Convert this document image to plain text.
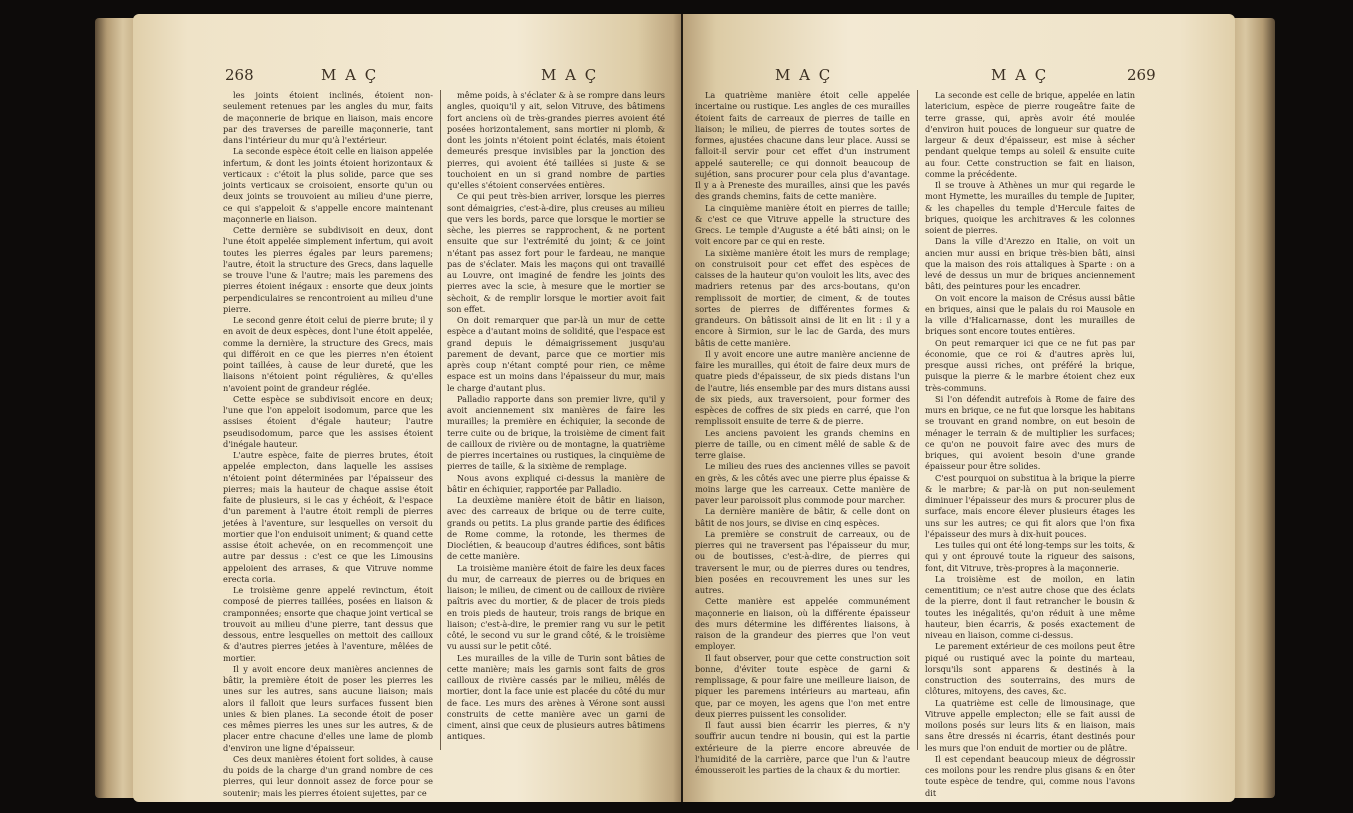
268	M A Ç	M A Ç

les joints étoient inclinés, étoient non-seulement retenues par les angles du mur, faits de maçonnerie de brique en liaison, mais encore par des traverses de pareille maçonnerie, tant dans l'intérieur du mur qu'à l'extérieur.

La seconde espèce étoit celle en liaison appelée infertum, & dont les joints étoient horizontaux & verticaux : c'étoit la plus solide, parce que ses joints verticaux se croisoient, ensorte qu'un ou deux joints se trouvoient au milieu d'une pierre, ce qui s'appeloit & s'appelle encore maintenant maçonnerie en liaison.

Cette dernière se subdivisoit en deux, dont l'une étoit appelée simplement infertum, qui avoit toutes les pierres égales par leurs paremens; l'autre, étoit la structure des Grecs, dans laquelle se trouve l'une & l'autre; mais les paremens des pierres étoient inégaux : ensorte que deux joints perpendiculaires se rencontroient au milieu d'une pierre.

Le second genre étoit celui de pierre brute; il y en avoit de deux espèces, dont l'une étoit appelée, comme la dernière, la structure des Grecs, mais qui différoit en ce que les pierres n'en étoient point taillées, à cause de leur dureté, que les liaisons n'étoient point régulières, & qu'elles n'avoient point de grandeur réglée.

Cette espèce se subdivisoit encore en deux; l'une que l'on appeloit isodomum, parce que les assises étoient d'égale hauteur; l'autre pseudisodomum, parce que les assises étoient d'inégale hauteur.

L'autre espèce, faite de pierres brutes, étoit appelée emplecton, dans laquelle les assises n'étoient point déterminées par l'épaisseur des pierres; mais la hauteur de chaque assise étoit faite de plusieurs, si le cas y échéoit, & l'espace d'un parement à l'autre étoit rempli de pierres jetées à l'aventure, sur lesquelles on versoit du mortier que l'on enduisoit uniment; & quand cette assise étoit achevée, on en recommençoit une autre par dessus : c'est ce que les Limousins appeloient des arrases, & que Vitruve nomme erecta coria.

Le troisième genre appelé revinctum, étoit composé de pierres taillées, posées en liaison & cramponnées; ensorte que chaque joint vertical se trouvoit au milieu d'une pierre, tant dessus que dessous, entre lesquelles on mettoit des cailloux & d'autres pierres jetées à l'aventure, mêlées de mortier.

Il y avoit encore deux manières anciennes de bâtir, la première étoit de poser les pierres les unes sur les autres, sans aucune liaison; mais alors il falloit que leurs surfaces fussent bien unies & bien planes. La seconde étoit de poser ces mêmes pierres les unes sur les autres, & de placer entre chacune d'elles une lame de plomb d'environ une ligne d'épaisseur.

Ces deux manières étoient fort solides, à cause du poids de la charge d'un grand nombre de ces pierres, qui leur donnoit assez de force pour se soutenir; mais les pierres étoient sujettes, par ce

même poids, à s'éclater & à se rompre dans leurs angles, quoiqu'il y ait, selon Vitruve, des bâtimens fort anciens où de très-grandes pierres avoient été posées horizontalement, sans mortier ni plomb, & dont les joints n'étoient point éclatés, mais étoient demeurés presque invisibles par la jonction des pierres, qui avoient été taillées si juste & se touchoient en un si grand nombre de parties qu'elles s'étoient conservées entières.

Ce qui peut très-bien arriver, lorsque les pierres sont démaigries, c'est-à-dire, plus creuses au milieu que vers les bords, parce que lorsque le mortier se sèche, les pierres se rapprochent, & ne portent ensuite que sur l'extrémité du joint; & ce joint n'étant pas assez fort pour le fardeau, ne manque pas de s'éclater. Mais les maçons qui ont travaillé au Louvre, ont imaginé de fendre les joints des pierres avec la scie, à mesure que le mortier se sèchoit, & de remplir lorsque le mortier avoit fait son effet.

On doit remarquer que par-là un mur de cette espèce a d'autant moins de solidité, que l'espace est grand depuis le démaigrissement jusqu'au parement de devant, parce que ce mortier mis après coup n'étant compté pour rien, ce même espace est un moins dans l'épaisseur du mur, mais le charge d'autant plus.

Palladio rapporte dans son premier livre, qu'il y avoit anciennement six manières de faire les murailles; la première en échiquier, la seconde de terre cuite ou de brique, la troisième de ciment fait de cailloux de rivière ou de montagne, la quatrième de pierres incertaines ou rustiques, la cinquième de pierres de taille, & la sixième de remplage.

Nous avons expliqué ci-dessus la manière de bâtir en échiquier, rapportée par Palladio.

La deuxième manière étoit de bâtir en liaison, avec des carreaux de brique ou de terre cuite, grands ou petits. La plus grande partie des édifices de Rome comme, la rotonde, les thermes de Dioclétien, & beaucoup d'autres édifices, sont bâtis de cette manière.

La troisième manière étoit de faire les deux faces du mur, de carreaux de pierres ou de briques en liaison; le milieu, de ciment ou de cailloux de rivière paîtris avec du mortier, & de placer de trois pieds en trois pieds de hauteur, trois rangs de brique en liaison; c'est-à-dire, le premier rang vu sur le petit côté, le second vu sur le grand côté, & le troisième vu aussi sur le petit côté.

Les murailles de la ville de Turin sont bâties de cette manière; mais les garnis sont faits de gros cailloux de rivière cassés par le milieu, mêlés de mortier, dont la face unie est placée du côté du mur de face. Les murs des arènes à Vérone sont aussi construits de cette manière avec un garni de ciment, ainsi que ceux de plusieurs autres bâtimens antiques.

M A Ç	M A Ç	269

La quatrième manière étoit celle appelée incertaine ou rustique. Les angles de ces murailles étoient faits de carreaux de pierres de taille en liaison; le milieu, de pierres de toutes sortes de formes, ajustées chacune dans leur place. Aussi se falloit-il servir pour cet effet d'un instrument appelé sauterelle; ce qui donnoit beaucoup de sujétion, sans procurer pour cela plus d'avantage. Il y a à Preneste des murailles, ainsi que les pavés des grands chemins, faits de cette manière.

La cinquième manière étoit en pierres de taille; & c'est ce que Vitruve appelle la structure des Grecs. Le temple d'Auguste a été bâti ainsi; on le voit encore par ce qui en reste.

La sixième manière étoit les murs de remplage; on construisoit pour cet effet des espèces de caisses de la hauteur qu'on vouloit les lits, avec des madriers retenus par des arcs-boutans, qu'on remplissoit de mortier, de ciment, & de toutes sortes de pierres de différentes formes & grandeurs. On bâtissoit ainsi de lit en lit : il y a encore à Sirmion, sur le lac de Garda, des murs bâtis de cette manière.

Il y avoit encore une autre manière ancienne de faire les murailles, qui étoit de faire deux murs de quatre pieds d'épaisseur, de six pieds distans l'un de l'autre, liés ensemble par des murs distans aussi de six pieds, aux traversoient, pour former des espèces de coffres de six pieds en carré, que l'on remplissoit ensuite de terre & de pierre.

Les anciens pavoient les grands chemins en pierre de taille, ou en ciment mêlé de sable & de terre glaise.

Le milieu des rues des anciennes villes se pavoit en grès, & les côtés avec une pierre plus épaisse & moins large que les carreaux. Cette manière de paver leur paroissoit plus commode pour marcher.

La dernière manière de bâtir, & celle dont on bâtit de nos jours, se divise en cinq espèces.

La première se construit de carreaux, ou de pierres qui ne traversent pas l'épaisseur du mur, ou de boutisses, c'est-à-dire, de pierres qui traversent le mur, ou de pierres dures ou tendres, bien posées en recouvrement les unes sur les autres.

Cette manière est appelée communément maçonnerie en liaison, où la différente épaisseur des murs détermine les différentes liaisons, à raison de la grandeur des pierres que l'on veut employer.

Il faut observer, pour que cette construction soit bonne, d'éviter toute espèce de garni & remplissage, & pour faire une meilleure liaison, de piquer les paremens intérieurs au marteau, afin que, par ce moyen, les agens que l'on met entre deux pierres puissent les consolider.

Il faut aussi bien écarrir les pierres, & n'y souffrir aucun tendre ni bousin, qui est la partie extérieure de la pierre encore abreuvée de l'humidité de la carrière, parce que l'un & l'autre émousseroit les parties de la chaux & du mortier.

La seconde est celle de brique, appelée en latin latericium, espèce de pierre rougeâtre faite de terre grasse, qui, après avoir été moulée d'environ huit pouces de longueur sur quatre de largeur & deux d'épaisseur, est mise à sécher pendant quelque temps au soleil & ensuite cuite au four. Cette construction se fait en liaison, comme la précédente.

Il se trouve à Athènes un mur qui regarde le mont Hymette, les murailles du temple de Jupiter, & les chapelles du temple d'Hercule faites de briques, quoique les architraves & les colonnes soient de pierres.

Dans la ville d'Arezzo en Italie, on voit un ancien mur aussi en brique très-bien bâti, ainsi que la maison des rois attaliques à Sparte : on a levé de dessus un mur de briques anciennement bâti, des peintures pour les encadrer.

On voit encore la maison de Crésus aussi bâtie en briques, ainsi que le palais du roi Mausole en la ville d'Halicarnasse, dont les murailles de briques sont encore toutes entières.

On peut remarquer ici que ce ne fut pas par économie, que ce roi & d'autres après lui, presque aussi riches, ont préféré la brique, puisque la pierre & le marbre étoient chez eux très-communs.

Si l'on défendit autrefois à Rome de faire des murs en brique, ce ne fut que lorsque les habitans se trouvant en grand nombre, on eut besoin de ménager le terrain & de multiplier les surfaces; ce qu'on ne pouvoit faire avec des murs de briques, qui avoient besoin d'une grande épaisseur pour être solides.

C'est pourquoi on substitua à la brique la pierre & le marbre; & par-là on put non-seulement diminuer l'épaisseur des murs & procurer plus de surface, mais encore élever plusieurs étages les uns sur les autres; ce qui fit alors que l'on fixa l'épaisseur des murs à dix-huit pouces.

Les tuiles qui ont été long-temps sur les toits, & qui y ont éprouvé toute la rigueur des saisons, font, dit Vitruve, très-propres à la maçonnerie.

La troisième est de moilon, en latin cementitium; ce n'est autre chose que des éclats de la pierre, dont il faut retrancher le bousin & toutes les inégalités, qu'on réduit à une même hauteur, bien écarris, & posés exactement de niveau en liaison, comme ci-dessus.

Le parement extérieur de ces moilons peut être piqué ou rustiqué avec la pointe du marteau, lorsqu'ils sont apparens & destinés à la construction des souterrains, des murs de clôtures, mitoyens, des caves, &c.

La quatrième est celle de limousinage, que Vitruve appelle emplecton; elle se fait aussi de moilons posés sur leurs lits & en liaison, mais sans être dressés ni écarris, étant destinés pour les murs que l'on enduit de mortier ou de plâtre.

Il est cependant beaucoup mieux de dégrossir ces moilons pour les rendre plus gisans & en ôter toute espèce de tendre, qui, comme nous l'avons dit
